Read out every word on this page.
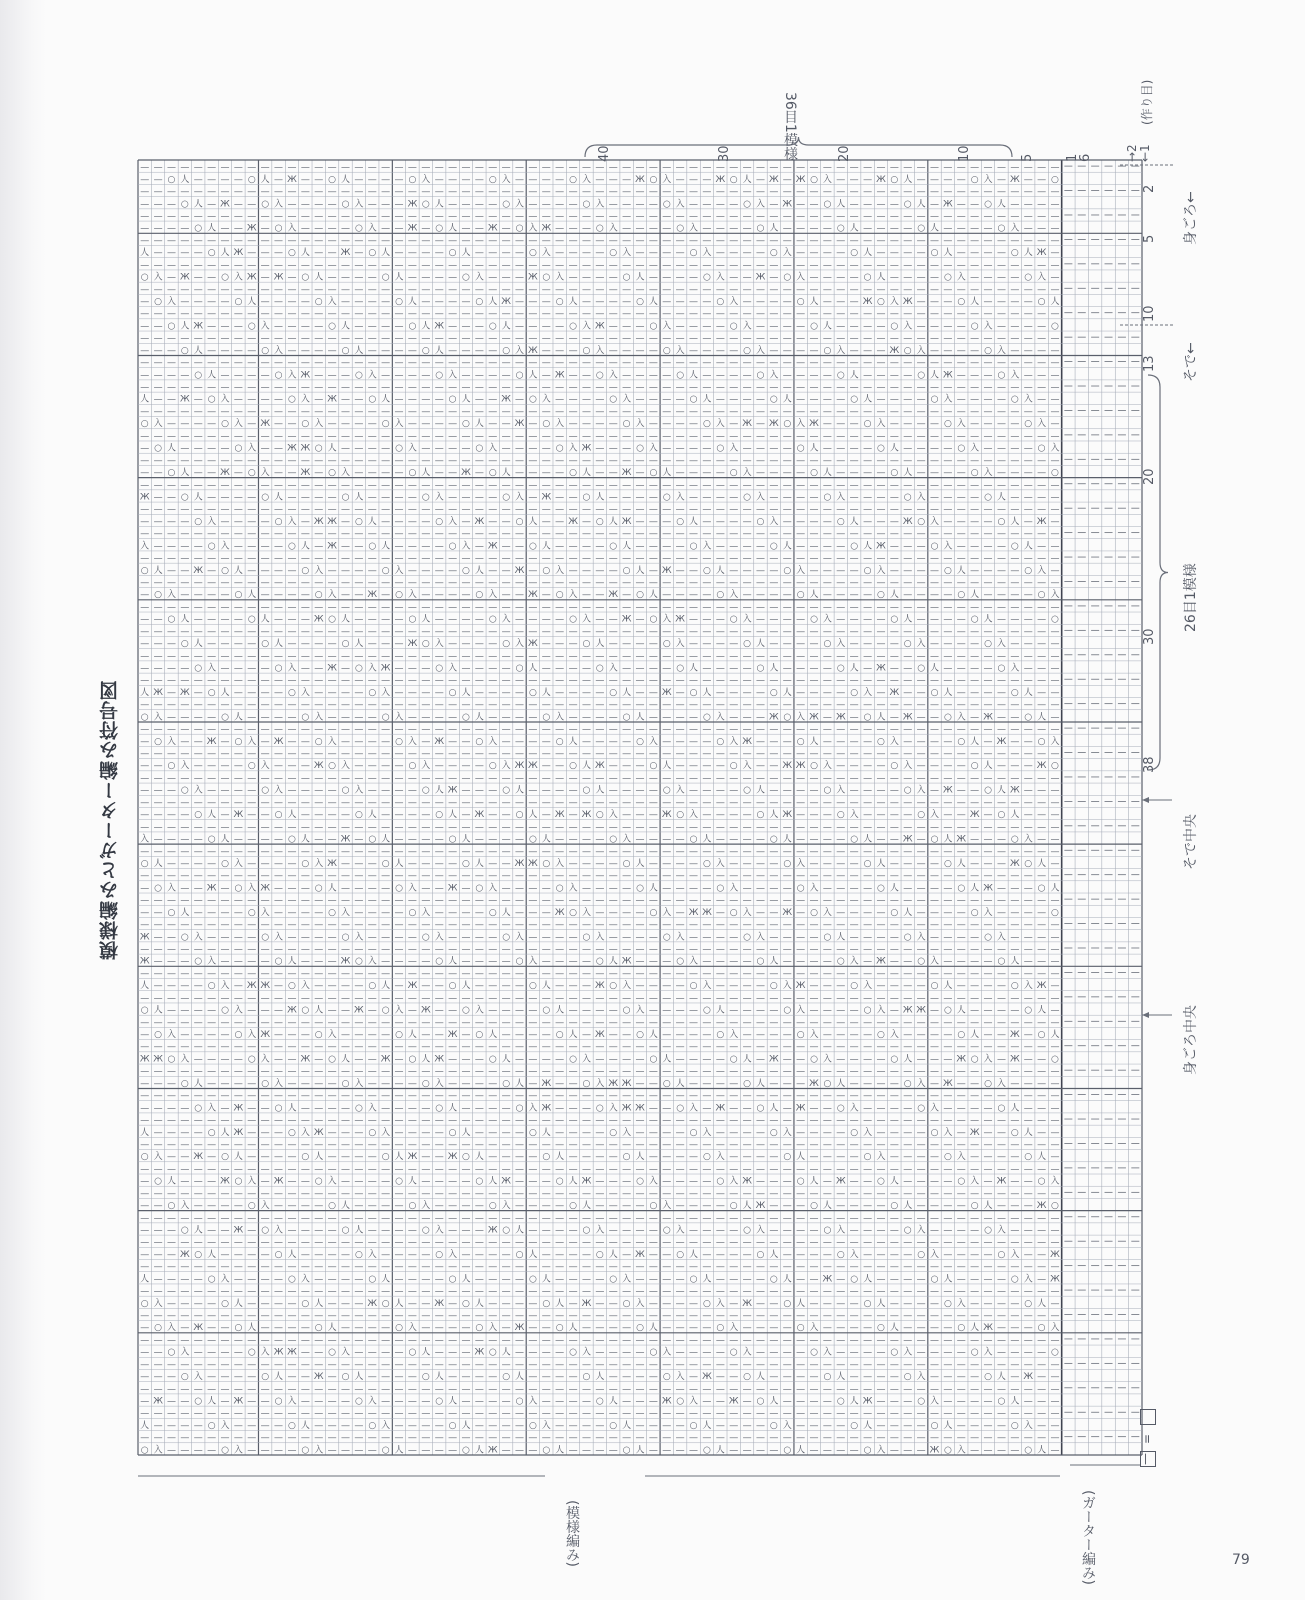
模様編みとガーター編み符号図
— — — — — — — — — — — — — — — — — — — — — — — — — — — — — — — — — — — — — — — — — — — — — — — — — — — — — — — — — — — — — — — — — — — — —
— — ○ 人 — — — — ○ 人 — Ж — — ○ 人 — — — — ○ 入 — — — — ○ 入 — — — — ○ 入 — — — Ж ○ 入 — — — Ж ○ 人 — Ж — Ж ○ 入 — — — Ж ○ 人 — — — — ○ 入 — Ж — — ○
— — — — — — — — — — — — — — — — — — — — — — — — — — — — — — — — — — — — — — — — — — — — — — — — — — — — — — — — — — — — — — — — — — — — —
— — — ○ 人 — Ж — — ○ 入 — — — — ○ 入 — — — Ж ○ 人 — — — — ○ 入 — — — — ○ 入 — — — — ○ 入 — — — — ○ 入 — Ж — — ○ 人 — — — — ○ 人 — Ж — — ○ 人 — — — —
— — — — — — — — — — — — — — — — — — — — — — — — — — — — — — — — — — — — — — — — — — — — — — — — — — — — — — — — — — — — — — — — — — — — —
— — — — ○ 人 — — Ж — ○ 入 — — — — ○ 入 — — Ж — ○ 人 — — Ж — ○ 入 Ж — — — ○ 入 — — — — ○ 入 — — — — ○ 人 — — — — ○ 人 — — — — ○ 人 — — — — ○ 入 — — —
— — — — — — — — — — — — — — — — — — — — — — — — — — — — — — — — — — — — — — — — — — — — — — — — — — — — — — — — — — — — — — — — — — — — —
人 — — — — ○ 人 Ж — — — ○ 人 — — Ж — ○ 人 — — — — ○ 人 — — — — ○ 入 — — — — ○ 入 — — — — ○ 入 — — — — ○ 入 — — — — ○ 人 — — — — ○ 人 — — — — ○ 人 Ж —
— — — — — — — — — — — — — — — — — — — — — — — — — — — — — — — — — — — — — — — — — — — — — — — — — — — — — — — — — — — — — — — — — — — — —
○ 入 — Ж — — ○ 入 Ж — Ж — ○ 人 — — — — ○ 人 — — — — ○ 入 — — — Ж ○ 入 — — — — ○ 人 — — — — ○ 入 — — Ж — ○ 入 — — — — ○ 人 — — — — ○ 入 — — — — ○ 入 —
— — — — — — — — — — — — — — — — — — — — — — — — — — — — — — — — — — — — — — — — — — — — — — — — — — — — — — — — — — — — — — — — — — — — —
— ○ 入 — — — — ○ 人 — — — — ○ 入 — — — — ○ 人 — — — — ○ 人 Ж — — — ○ 人 — — — — ○ 人 — — — — ○ 入 — — — — ○ 人 — — — Ж ○ 入 Ж — — — ○ 人 — — — — ○ 人
— — — — — — — — — — — — — — — — — — — — — — — — — — — — — — — — — — — — — — — — — — — — — — — — — — — — — — — — — — — — — — — — — — — — —
— — ○ 人 Ж — — — ○ 入 — — — — ○ 人 — — — — ○ 人 Ж — — — ○ 人 — — — — ○ 入 Ж — — — ○ 入 — — — — ○ 入 — — — — ○ 人 — — — — ○ 入 — — — — ○ 入 — — — — ○
— — — — — — — — — — — — — — — — — — — — — — — — — — — — — — — — — — — — — — — — — — — — — — — — — — — — — — — — — — — — — — — — — — — — —
— — — ○ 人 — — — — ○ 入 — — — — ○ 人 — — — — ○ 人 — — — — ○ 入 Ж — — — ○ 入 — — — — ○ 入 — — — — ○ 入 — — — — ○ 入 — — — Ж ○ 入 — — — — ○ 入 — — — —
— — — — — — — — — — — — — — — — — — — — — — — — — — — — — — — — — — — — — — — — — — — — — — — — — — — — — — — — — — — — — — — — — — — — —
— — — — ○ 人 — — — — ○ 入 Ж — — — ○ 入 — — — — ○ 入 — — — — ○ 人 — Ж — — ○ 入 — — — — ○ 人 — — — — ○ 入 — — — — ○ 人 — — — — ○ 人 Ж — — — ○ 入 — — —
— — — — — — — — — — — — — — — — — — — — — — — — — — — — — — — — — — — — — — — — — — — — — — — — — — — — — — — — — — — — — — — — — — — — —
人 — — Ж — ○ 入 — — — — ○ 入 — Ж — — ○ 人 — — — — ○ 人 — — Ж — ○ 入 — — — — ○ 入 — — — — ○ 人 — — — — ○ 人 — — — — ○ 人 — — — — ○ 入 — — — — ○ 入 — —
— — — — — — — — — — — — — — — — — — — — — — — — — — — — — — — — — — — — — — — — — — — — — — — — — — — — — — — — — — — — — — — — — — — — —
○ 入 — — — — ○ 入 — Ж — — ○ 入 — — — — ○ 入 — — — — ○ 人 — — Ж — ○ 入 — — — — ○ 入 — — — — ○ 入 — Ж — Ж ○ 入 Ж — — — ○ 入 — — — — ○ 入 — — — — ○ 入 —
— — — — — — — — — — — — — — — — — — — — — — — — — — — — — — — — — — — — — — — — — — — — — — — — — — — — — — — — — — — — — — — — — — — — —
— ○ 人 — — — — ○ 入 — — Ж Ж ○ 人 — — — — ○ 入 — — — — ○ 入 — — — — ○ 入 Ж — — — ○ 入 — — — — ○ 入 — — — — ○ 人 — — — — ○ 人 — — — — ○ 入 — — — — ○ 入
— — — — — — — — — — — — — — — — — — — — — — — — — — — — — — — — — — — — — — — — — — — — — — — — — — — — — — — — — — — — — — — — — — — — —
— — ○ 人 — — Ж — ○ 入 — — Ж — ○ 入 — — — — ○ 人 — — Ж — ○ 人 — — — — ○ 人 — — Ж — ○ 人 — — — — ○ 入 — — — — ○ 人 — — — — ○ 人 — — — — ○ 入 — — — — ○
— — — — — — — — — — — — — — — — — — — — — — — — — — — — — — — — — — — — — — — — — — — — — — — — — — — — — — — — — — — — — — — — — — — — —
Ж — — ○ 人 — — — — ○ 人 — — — — ○ 人 — — — — ○ 入 — — — — ○ 入 — Ж — — ○ 人 — — — — ○ 入 — — — — ○ 入 — — — — ○ 入 — — — — ○ 入 — — — — ○ 人 — — — —
— — — — — — — — — — — — — — — — — — — — — — — — — — — — — — — — — — — — — — — — — — — — — — — — — — — — — — — — — — — — — — — — — — — — —
— — — — ○ 入 — — — — ○ 入 — Ж Ж — ○ 人 — — — — ○ 入 — Ж — — ○ 人 — — Ж — ○ 人 Ж — — — ○ 人 — — — — ○ 入 — — — — ○ 人 — — — Ж ○ 入 — — — — ○ 人 — Ж —
— — — — — — — — — — — — — — — — — — — — — — — — — — — — — — — — — — — — — — — — — — — — — — — — — — — — — — — — — — — — — — — — — — — — —
入 — — — — ○ 入 — — — — ○ 人 — Ж — — ○ 人 — — — — ○ 入 — Ж — — ○ 人 — — — — ○ 人 — — — — ○ 入 — — — — ○ 人 — — — — ○ 人 Ж — — — ○ 入 — — — — ○ 人 — —
— — — — — — — — — — — — — — — — — — — — — — — — — — — — — — — — — — — — — — — — — — — — — — — — — — — — — — — — — — — — — — — — — — — — —
○ 人 — — Ж — ○ 人 — — — — ○ 入 — — — — ○ 入 — — — — ○ 人 — — Ж — ○ 入 — — — — ○ 人 — Ж — — ○ 人 — — — — ○ 入 — — — — ○ 入 — — — — ○ 人 — — — — ○ 入 —
— — — — — — — — — — — — — — — — — — — — — — — — — — — — — — — — — — — — — — — — — — — — — — — — — — — — — — — — — — — — — — — — — — — — —
— ○ 入 — — — — ○ 人 — — — — ○ 入 — — Ж — ○ 入 — — — — ○ 入 — — Ж — ○ 入 — — Ж — ○ 人 — — — — ○ 入 — — — — ○ 人 — — — — ○ 人 — — — — ○ 人 — — — — ○ 入
— — — — — — — — — — — — — — — — — — — — — — — — — — — — — — — — — — — — — — — — — — — — — — — — — — — — — — — — — — — — — — — — — — — — —
— — ○ 人 — — — — ○ 人 — — — Ж ○ 人 — — — — ○ 人 — — — — ○ 入 — — — — ○ 入 — — Ж — ○ 入 Ж — — — ○ 入 — — — — ○ 入 — — — — ○ 人 — — — — ○ 人 — — — — ○
— — — — — — — — — — — — — — — — — — — — — — — — — — — — — — — — — — — — — — — — — — — — — — — — — — — — — — — — — — — — — — — — — — — — —
— — — ○ 人 — — — — ○ 人 — — — — ○ 人 — — — Ж ○ 入 — — — — ○ 入 Ж — — — ○ 人 — — — — ○ 入 — — — — ○ 人 — — — — ○ 入 — — — — ○ 入 — — — — ○ 入 — — — —
— — — — — — — — — — — — — — — — — — — — — — — — — — — — — — — — — — — — — — — — — — — — — — — — — — — — — — — — — — — — — — — — — — — — —
— — — — ○ 入 — — — — ○ 入 — — Ж — ○ 入 Ж — — — ○ 入 — — — — ○ 人 — — — — ○ 入 — — — — ○ 人 — — — — ○ 人 — — — — ○ 人 — Ж — — ○ 人 — — — — ○ 入 — — —
— — — — — — — — — — — — — — — — — — — — — — — — — — — — — — — — — — — — — — — — — — — — — — — — — — — — — — — — — — — — — — — — — — — — —
人 Ж — Ж — ○ 人 — — — — ○ 入 — — — — ○ 入 — — — — ○ 人 — — — — ○ 人 — — — — ○ 人 — — Ж — ○ 人 — — — — ○ 人 — — — — ○ 入 — Ж — — ○ 人 — — — — ○ 人 — —
— — — — — — — — — — — — — — — — — — — — — — — — — — — — — — — — — — — — — — — — — — — — — — — — — — — — — — — — — — — — — — — — — — — — —
○ 入 — — — — ○ 人 — — — — ○ 入 — — — — ○ 入 — — — — ○ 人 — — — — ○ 入 — — — — ○ 人 — — — — ○ 入 — — — Ж ○ 入 Ж — Ж — ○ 人 — Ж — — ○ 入 — Ж — — ○ 人 —
— — — — — — — — — — — — — — — — — — — — — — — — — — — — — — — — — — — — — — — — — — — — — — — — — — — — — — — — — — — — — — — — — — — — —
— ○ 入 — — Ж — ○ 入 — Ж — — ○ 入 — — — — ○ 入 — Ж — — ○ 入 — — — — ○ 人 — — — — ○ 入 — — — — ○ 入 Ж — — — ○ 人 — — — — ○ 入 — — — — ○ 人 — Ж — — ○ 入
— — — — — — — — — — — — — — — — — — — — — — — — — — — — — — — — — — — — — — — — — — — — — — — — — — — — — — — — — — — — — — — — — — — — —
— — ○ 入 — — — — ○ 入 — — — Ж ○ 入 — — — — ○ 入 — — — — ○ 入 Ж Ж — — ○ 人 Ж — — — ○ 人 — — — — ○ 入 — — Ж Ж ○ 入 — — — — ○ 入 — — — — ○ 人 — — — Ж ○
— — — — — — — — — — — — — — — — — — — — — — — — — — — — — — — — — — — — — — — — — — — — — — — — — — — — — — — — — — — — — — — — — — — — —
— — — ○ 入 — — — — ○ 入 — — — — ○ 入 — — — — ○ 人 Ж — — — ○ 人 — — — — ○ 人 — — — — ○ 入 — — — — ○ 人 — — — — ○ 入 — — — — ○ 入 — Ж — — ○ 人 Ж — — —
— — — — — — — — — — — — — — — — — — — — — — — — — — — — — — — — — — — — — — — — — — — — — — — — — — — — — — — — — — — — — — — — — — — — —
— — — — ○ 人 — Ж — — ○ 人 — — — — ○ 人 — — — — ○ 人 — Ж — — ○ 人 — Ж — Ж ○ 入 — — — Ж ○ 入 — — — — ○ 人 Ж — — — ○ 入 — — — — ○ 入 — — Ж — ○ 人 — — —
— — — — — — — — — — — — — — — — — — — — — — — — — — — — — — — — — — — — — — — — — — — — — — — — — — — — — — — — — — — — — — — — — — — — —
入 — — — — ○ 人 — — — — ○ 人 — — Ж — ○ 人 — — — — ○ 人 — — — — ○ 人 — — — — ○ 入 — — — — ○ 人 — — — — ○ 人 — — — — ○ 人 — — Ж — ○ 人 Ж — — — ○ 入 — —
— — — — — — — — — — — — — — — — — — — — — — — — — — — — — — — — — — — — — — — — — — — — — — — — — — — — — — — — — — — — — — — — — — — — —
○ 人 — — — — ○ 入 — — — — ○ 入 Ж — — — ○ 人 — — — — ○ 人 — — Ж Ж ○ 入 — — — — ○ 人 — — — — ○ 入 — — — — ○ 入 — — — — ○ 人 — — — — ○ 人 — — — Ж ○ 人 —
— — — — — — — — — — — — — — — — — — — — — — — — — — — — — — — — — — — — — — — — — — — — — — — — — — — — — — — — — — — — — — — — — — — — —
— ○ 入 — — Ж — ○ 入 Ж — — — ○ 人 — — — — ○ 入 — — Ж — ○ 入 — — — — ○ 入 — — — — ○ 人 — — — — ○ 入 — — — — ○ 入 — — — — ○ 人 — — — — ○ 人 Ж — — — ○ 人
— — — — — — — — — — — — — — — — — — — — — — — — — — — — — — — — — — — — — — — — — — — — — — — — — — — — — — — — — — — — — — — — — — — — —
— — ○ 人 — — — — ○ 入 — — — — ○ 入 — — — — ○ 入 — — — — ○ 人 — — — Ж ○ 入 — — — — ○ 入 — Ж Ж — ○ 入 — — Ж — ○ 入 — — — — ○ 人 — — — — ○ 入 — — — — ○
— — — — — — — — — — — — — — — — — — — — — — — — — — — — — — — — — — — — — — — — — — — — — — — — — — — — — — — — — — — — — — — — — — — — —
Ж — — ○ 入 — — — — ○ 入 — — — — ○ 入 — — — — ○ 入 — — — — ○ 入 — — — — ○ 入 — — — — ○ 入 — — — — ○ 入 — — — — ○ 人 — — — — ○ 入 — — — — ○ 入 — — — —
— — — — — — — — — — — — — — — — — — — — — — — — — — — — — — — — — — — — — — — — — — — — — — — — — — — — — — — — — — — — — — — — — — — — —
Ж — — — ○ 入 — — — — ○ 人 — — — Ж ○ 入 — — — — ○ 人 — — — — ○ 入 — — — — ○ 人 Ж — — — ○ 入 — — — — ○ 人 — — — — ○ 入 — Ж — — ○ 入 — — — — ○ 人 — — —
— — — — — — — — — — — — — — — — — — — — — — — — — — — — — — — — — — — — — — — — — — — — — — — — — — — — — — — — — — — — — — — — — — — — —
人 — — — — ○ 入 — Ж Ж — ○ 入 — — — — ○ 人 — Ж — — ○ 人 — — — — ○ 人 — — — Ж ○ 入 — — — — ○ 入 — — — — ○ 入 Ж — — — ○ 入 — — — — ○ 人 — — — — ○ 入 Ж —
— — — — — — — — — — — — — — — — — — — — — — — — — — — — — — — — — — — — — — — — — — — — — — — — — — — — — — — — — — — — — — — — — — — — —
○ 人 — — — — ○ 入 — — — Ж ○ 人 — — Ж — ○ 入 — Ж — — ○ 入 — — — — ○ 人 — — — — ○ 入 — — — — ○ 人 — — — — ○ 入 — — — — ○ 入 — Ж Ж — ○ 人 — — — — ○ 人 —
— — — — — — — — — — — — — — — — — — — — — — — — — — — — — — — — — — — — — — — — — — — — — — — — — — — — — — — — — — — — — — — — — — — — —
— ○ 入 — — — — ○ 入 Ж — — — ○ 入 — — — — ○ 人 — — Ж — ○ 人 — — — — ○ 人 — Ж — — ○ 人 — — — — ○ 入 — — — — ○ 入 — — — — ○ 入 — — — — ○ 人 — — Ж — ○ 人
— — — — — — — — — — — — — — — — — — — — — — — — — — — — — — — — — — — — — — — — — — — — — — — — — — — — — — — — — — — — — — — — — — — — —
Ж Ж ○ 入 — — — — ○ 入 — — Ж — ○ 人 — — Ж — ○ 人 Ж — — — ○ 人 — — — — ○ 入 — — — — ○ 人 — — — — ○ 人 — Ж — — ○ 入 — — — — ○ 人 — — — Ж ○ 入 — Ж — — ○
— — — — — — — — — — — — — — — — — — — — — — — — — — — — — — — — — — — — — — — — — — — — — — — — — — — — — — — — — — — — — — — — — — — — —
— — — ○ 人 — — — — ○ 入 — — — — ○ 入 — — — — ○ 入 — — — — ○ 人 — Ж — — ○ 入 Ж Ж — — ○ 人 — — — — ○ 人 — — — Ж ○ 人 — — — — ○ 入 — Ж — — ○ 入 — — — —
— — — — — — — — — — — — — — — — — — — — — — — — — — — — — — — — — — — — — — — — — — — — — — — — — — — — — — — — — — — — — — — — — — — — —
— — — — ○ 入 — Ж — — ○ 人 — — — — ○ 入 — — — — ○ 人 — — — — ○ 入 Ж — — — ○ 入 Ж Ж — — ○ 入 — Ж — — ○ 人 — Ж — — ○ 入 — — — — ○ 入 — — — — ○ 人 — — —
— — — — — — — — — — — — — — — — — — — — — — — — — — — — — — — — — — — — — — — — — — — — — — — — — — — — — — — — — — — — — — — — — — — — —
人 — — — — ○ 人 Ж — — — ○ 入 Ж — — — ○ 入 — — — — ○ 人 — — — — ○ 人 — — — — ○ 入 — — — — ○ 入 — — — — ○ 入 — — — — ○ 入 — — — — ○ 入 — Ж — — ○ 人 — —
— — — — — — — — — — — — — — — — — — — — — — — — — — — — — — — — — — — — — — — — — — — — — — — — — — — — — — — — — — — — — — — — — — — — —
○ 入 — — Ж — ○ 人 — — — — ○ 人 — — — — ○ 人 Ж — — Ж ○ 人 — — — — ○ 人 — — — — ○ 人 — — — — ○ 入 — — — — ○ 人 — — — — ○ 入 — — — — ○ 入 — — — — ○ 人 —
— — — — — — — — — — — — — — — — — — — — — — — — — — — — — — — — — — — — — — — — — — — — — — — — — — — — — — — — — — — — — — — — — — — — —
— ○ 人 — — — Ж ○ 入 — Ж — — ○ 入 — — — — ○ 人 — — — — ○ 人 Ж — — — ○ 人 Ж — — — ○ 入 — — — — ○ 入 Ж — — — ○ 人 — Ж — — ○ 人 — — — — ○ 入 — Ж — — ○ 入
— — — — — — — — — — — — — — — — — — — — — — — — — — — — — — — — — — — — — — — — — — — — — — — — — — — — — — — — — — — — — — — — — — — — —
— — ○ 入 — — — — ○ 入 — — — — ○ 人 — — — — ○ 入 — — — — ○ 入 — — — — ○ 人 — — — — ○ 入 — — — — ○ 人 Ж — — — ○ 人 — — — — ○ 人 — — — — ○ 人 — — — Ж ○
— — — — — — — — — — — — — — — — — — — — — — — — — — — — — — — — — — — — — — — — — — — — — — — — — — — — — — — — — — — — — — — — — — — — —
— — — ○ 人 — — Ж — ○ 入 — — — — ○ 人 — — — — ○ 入 — — — Ж ○ 人 — — — — ○ 入 — — — — ○ 入 — — — — ○ 入 — — — — ○ 入 — — — — ○ 入 — — — — ○ 入 — — — —
— — — — — — — — — — — — — — — — — — — — — — — — — — — — — — — — — — — — — — — — — — — — — — — — — — — — — — — — — — — — — — — — — — — — —
— — — Ж ○ 人 — — — — ○ 人 — — — — ○ 入 — — — — ○ 入 — — — — ○ 人 — — — — ○ 人 — Ж — — ○ 人 — — — — ○ 人 — — — — ○ 入 — — — — ○ 入 — — — — ○ 入 — — Ж
— — — — — — — — — — — — — — — — — — — — — — — — — — — — — — — — — — — — — — — — — — — — — — — — — — — — — — — — — — — — — — — — — — — — —
人 — — — — ○ 入 — — — — ○ 入 — — — — ○ 人 — — — — ○ 人 — — — — ○ 人 — — — — ○ 入 — — — — ○ 人 — — — — ○ 人 — — Ж — ○ 人 — — — — ○ 人 — — — — ○ 入 — Ж
— — — — — — — — — — — — — — — — — — — — — — — — — — — — — — — — — — — — — — — — — — — — — — — — — — — — — — — — — — — — — — — — — — — — —
○ 入 — — — — ○ 人 — — — — ○ 人 — — — Ж ○ 人 — — Ж — ○ 人 — — — — ○ 人 — Ж — — ○ 入 — — — — ○ 入 — Ж — — ○ 人 — — — — ○ 人 — — — — ○ 入 — — — — ○ 人 —
— — — — — — — — — — — — — — — — — — — — — — — — — — — — — — — — — — — — — — — — — — — — — — — — — — — — — — — — — — — — — — — — — — — — —
— ○ 入 — Ж — — ○ 人 — — — — ○ 人 — — — — ○ 入 — — — — ○ 入 — Ж — — ○ 人 — — — — ○ 人 — — — — ○ 入 — — — — ○ 入 — — — — ○ 人 — — — — ○ 人 Ж — — — ○ 入
— — — — — — — — — — — — — — — — — — — — — — — — — — — — — — — — — — — — — — — — — — — — — — — — — — — — — — — — — — — — — — — — — — — — —
— — ○ 入 — — — — ○ 入 Ж Ж — — ○ 入 — — — — ○ 人 — — — Ж ○ 人 — — — — ○ 入 — — — — ○ 入 — — — — ○ 入 — — — — ○ 入 — — — — ○ 入 — — — — ○ 入 — — — — ○
— — — — — — — — — — — — — — — — — — — — — — — — — — — — — — — — — — — — — — — — — — — — — — — — — — — — — — — — — — — — — — — — — — — — —
— — — ○ 入 — — — — ○ 人 — — Ж — ○ 人 — — — — ○ 人 — — — — ○ 人 — — — — ○ 人 — — — — ○ 入 — Ж — — ○ 人 — — — — ○ 人 — — — — ○ 入 — — — — ○ 人 — Ж — —
— — — — — — — — — — — — — — — — — — — — — — — — — — — — — — — — — — — — — — — — — — — — — — — — — — — — — — — — — — — — — — — — — — — — —
— Ж — — ○ 人 — Ж — — ○ 入 — — — — ○ 入 — — — — ○ 人 — — — — ○ 入 — — — — ○ 人 — — — Ж ○ 入 — — Ж — ○ 人 — — — — ○ 人 Ж — — — ○ 入 — — — — ○ 人 — — —
— — — — — — — — — — — — — — — — — — — — — — — — — — — — — — — — — — — — — — — — — — — — — — — — — — — — — — — — — — — — — — — — — — — — —
人 — — — — ○ 入 — — — — ○ 人 — — — — ○ 入 — — — — ○ 人 — — — — ○ 入 — — — — ○ 人 — — — — ○ 人 — — — — ○ 入 — — — — ○ 人 — — — — ○ 人 — — — — ○ 入 — —
— — — — — — — — — — — — — — — — — — — — — — — — — — — — — — — — — — — — — — — — — — — — — — — — — — — — — — — — — — — — — — — — — — — — —
○ 入 — — — — ○ 入 — — — — ○ 入 — — — — ○ 人 — — — — ○ 人 Ж — — — ○ 人 — — — — ○ 人 — — — — ○ 人 — — — — ○ 人 — — — — ○ 入 — — — Ж ○ 入 — — — — ○ 人 —
40	30	20	10	5 1
6
36目1模様	→2 ←1
(作り目)
2
5
10
13
20
30
38
身ごろ←
そで←
26目1模様
そで中央
身ごろ中央
(模様編み)	(ガーター編み)
=
—
79
